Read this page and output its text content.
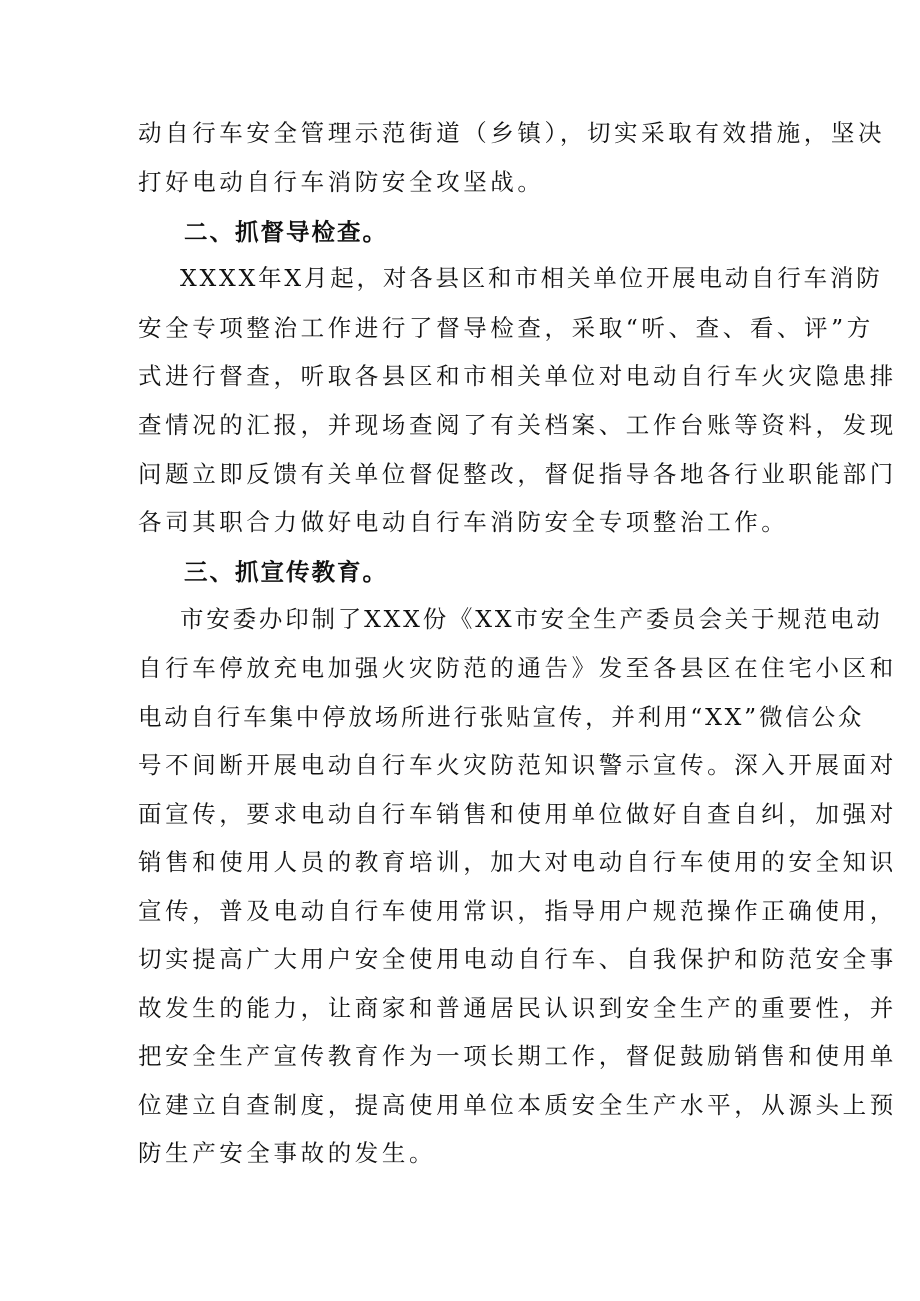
动自行车安全管理示范街道（乡镇），切实采取有效措施，坚决
打好电动自行车消防安全攻坚战。
二、抓督导检查。
XXXX年X月起，对各县区和市相关单位开展电动自行车消防
安全专项整治工作进行了督导检查，采取“听、查、看、评”方
式进行督查，听取各县区和市相关单位对电动自行车火灾隐患排
查情况的汇报，并现场查阅了有关档案、工作台账等资料，发现
问题立即反馈有关单位督促整改，督促指导各地各行业职能部门
各司其职合力做好电动自行车消防安全专项整治工作。
三、抓宣传教育。
市安委办印制了XXX份《XX市安全生产委员会关于规范电动
自行车停放充电加强火灾防范的通告》发至各县区在住宅小区和
电动自行车集中停放场所进行张贴宣传，并利用“XX”微信公众
号不间断开展电动自行车火灾防范知识警示宣传。深入开展面对
面宣传，要求电动自行车销售和使用单位做好自查自纠，加强对
销售和使用人员的教育培训，加大对电动自行车使用的安全知识
宣传，普及电动自行车使用常识，指导用户规范操作正确使用，
切实提高广大用户安全使用电动自行车、自我保护和防范安全事
故发生的能力，让商家和普通居民认识到安全生产的重要性，并
把安全生产宣传教育作为一项长期工作，督促鼓励销售和使用单
位建立自查制度，提高使用单位本质安全生产水平，从源头上预
防生产安全事故的发生。
